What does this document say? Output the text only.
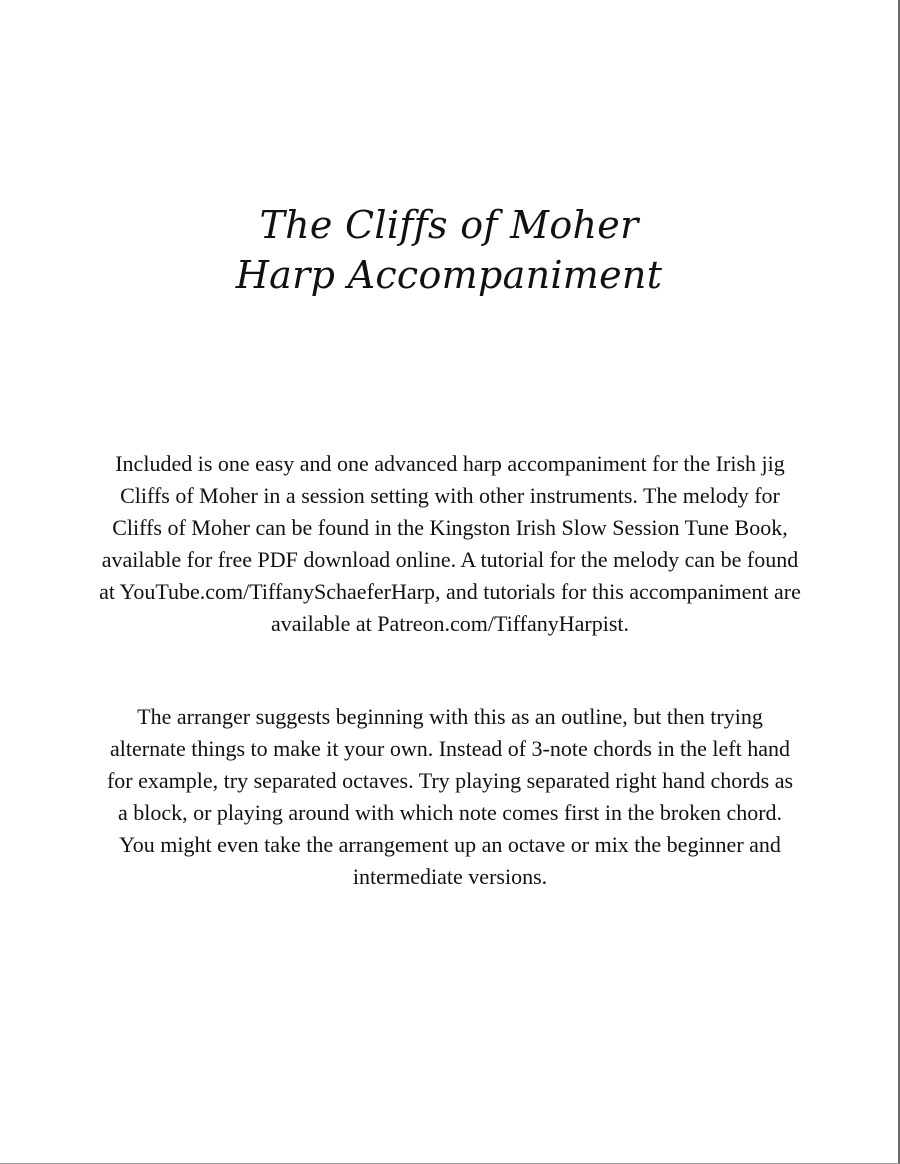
The Cliffs of Moher
Harp Accompaniment
Included is one easy and one advanced harp accompaniment for the Irish jig
Cliffs of Moher in a session setting with other instruments. The melody for
Cliffs of Moher can be found in the Kingston Irish Slow Session Tune Book,
available for free PDF download online. A tutorial for the melody can be found
at YouTube.com/TiffanySchaeferHarp, and tutorials for this accompaniment are
available at Patreon.com/TiffanyHarpist.
The arranger suggests beginning with this as an outline, but then trying
alternate things to make it your own. Instead of 3-note chords in the left hand
for example, try separated octaves. Try playing separated right hand chords as
a block, or playing around with which note comes first in the broken chord.
You might even take the arrangement up an octave or mix the beginner and
intermediate versions.
